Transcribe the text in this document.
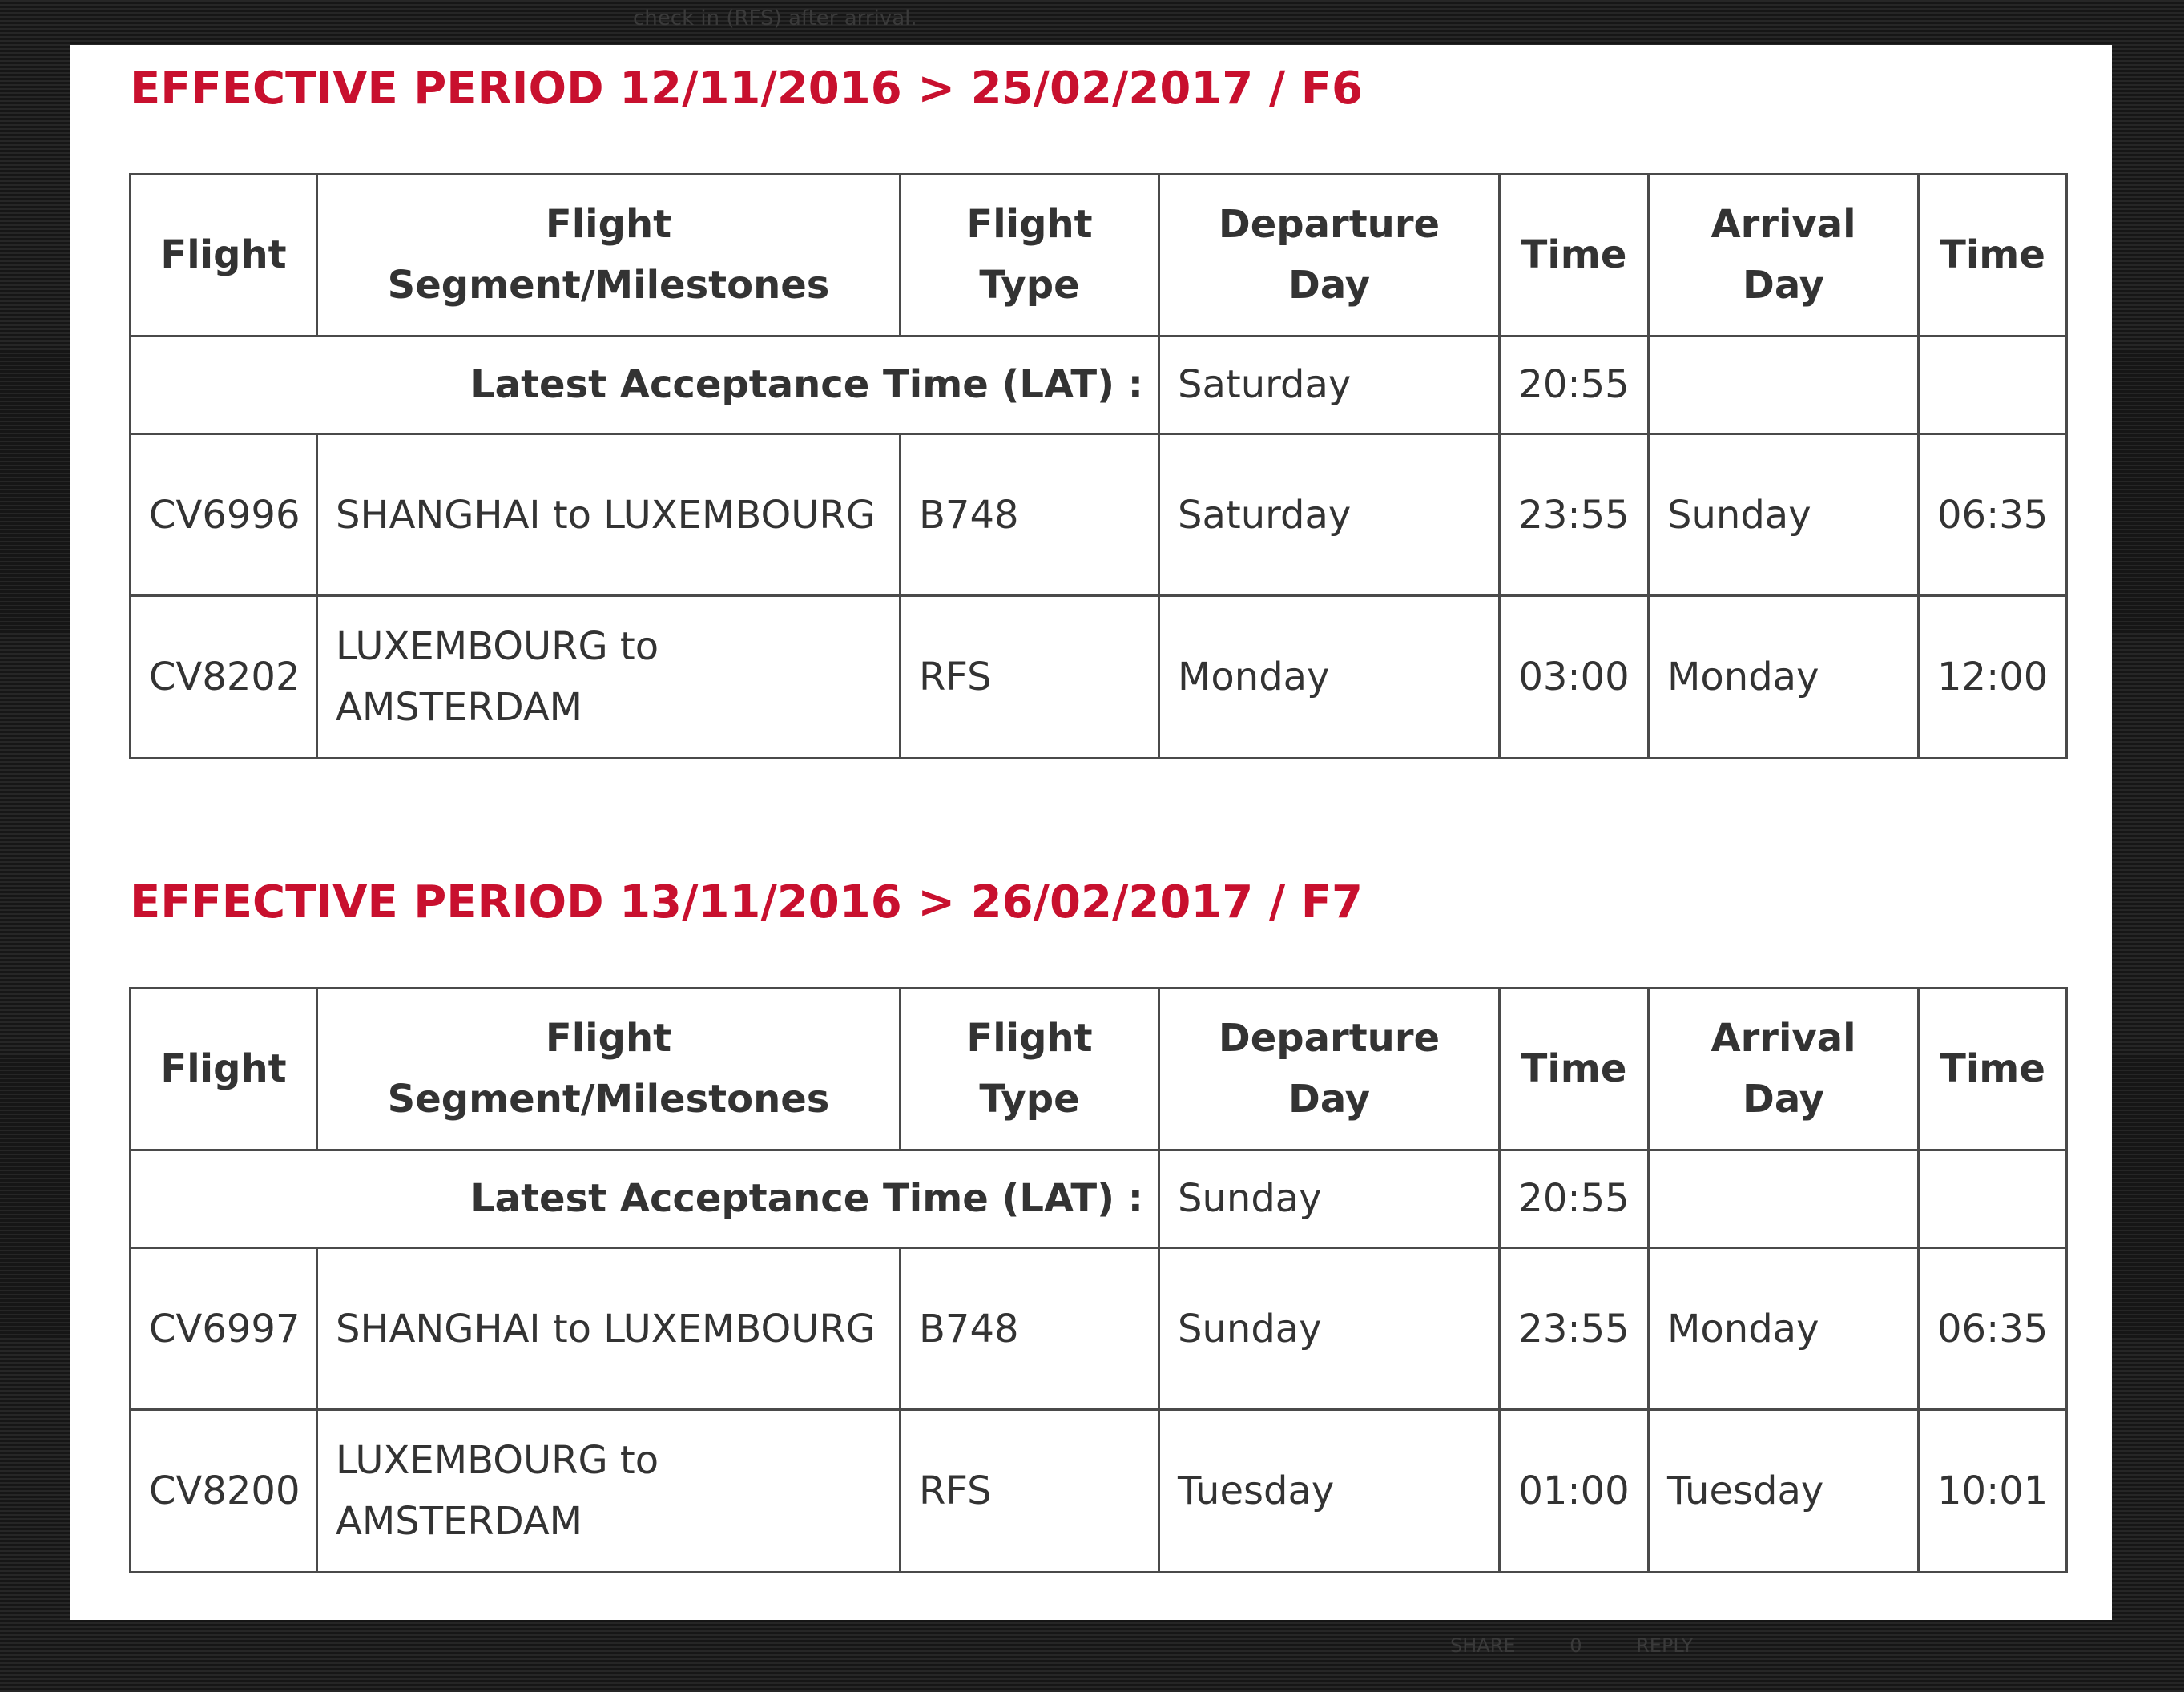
check in (RFS) after arrival.
EFFECTIVE PERIOD 12/11/2016 > 25/02/2017 / F6
Flight	Flight Segment/Milestones	Flight Type	Departure Day	Time	Arrival Day	Time
Latest Acceptance Time (LAT) :			Saturday	20:55		
CV6996	SHANGHAI to LUXEMBOURG	B748	Saturday	23:55	Sunday	06:35
CV8202	LUXEMBOURG to AMSTERDAM	RFS	Monday	03:00	Monday	12:00
EFFECTIVE PERIOD 13/11/2016 > 26/02/2017 / F7
Flight	Flight Segment/Milestones	Flight Type	Departure Day	Time	Arrival Day	Time
Latest Acceptance Time (LAT) :			Sunday	20:55		
CV6997	SHANGHAI to LUXEMBOURG	B748	Sunday	23:55	Monday	06:35
CV8200	LUXEMBOURG to AMSTERDAM	RFS	Tuesday	01:00	Tuesday	10:01
SHARE	0	REPLY
